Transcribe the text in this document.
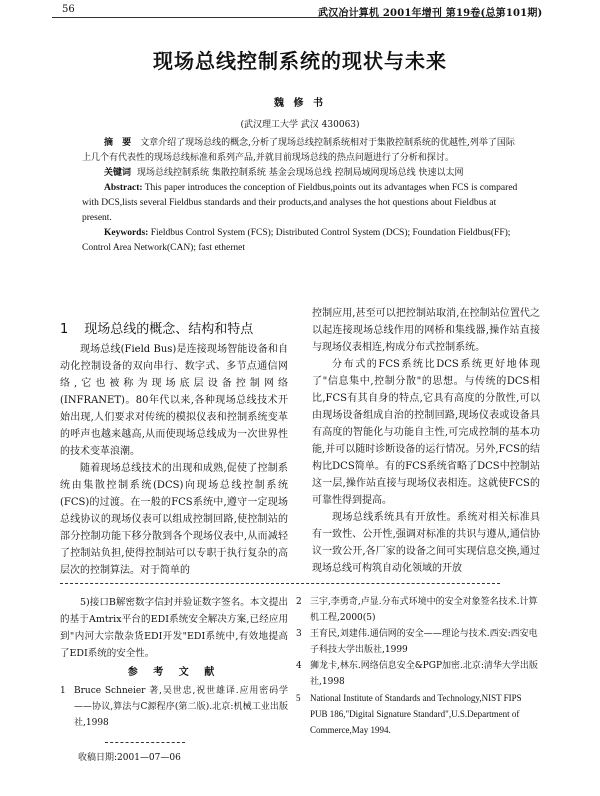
56	武汉冶计算机 2001年增刊 第19卷(总第101期)
现场总线控制系统的现状与未来
魏 修 书
(武汉理工大学 武汉 430063)

摘 要 文章介绍了现场总线的概念,分析了现场总线控制系统相对于集散控制系统的优越性,列举了国际上几个有代表性的现场总线标准和系列产品,并就目前现场总线的热点问题进行了分析和探讨。

关键词 现场总线控制系统 集散控制系统 基金会现场总线 控制局域网现场总线 快速以太网

Abstract: This paper introduces the conception of Fieldbus,points out its advantages when FCS is compared with DCS,lists several Fieldbus standards and their products,and analyses the hot questions about Fieldbus at present.

Keywords: Fieldbus Control System (FCS); Distributed Control System (DCS); Foundation Fieldbus(FF); Control Area Network(CAN); fast ethernet

1 现场总线的概念、结构和特点

现场总线(Field Bus)是连接现场智能设备和自动化控制设备的双向串行、数字式、多节点通信网络,它也被称为现场底层设备控制网络(INFRANET)。80年代以来,各种现场总线技术开始出现,人们要求对传统的模拟仪表和控制系统变革的呼声也越来越高,从而使现场总线成为一次世界性的技术变革浪潮。

随着现场总线技术的出现和成熟,促使了控制系统由集散控制系统(DCS)向现场总线控制系统(FCS)的过渡。在一般的FCS系统中,遵守一定现场总线协议的现场仪表可以组成控制回路,使控制站的部分控制功能下移分散到各个现场仪表中,从而减轻了控制站负担,使得控制站可以专职于执行复杂的高层次的控制算法。对于简单的

控制应用,甚至可以把控制站取消,在控制站位置代之以起连接现场总线作用的网桥和集线器,操作站直接与现场仪表相连,构成分布式控制系统。

分布式的FCS系统比DCS系统更好地体现了"信息集中,控制分散"的思想。与传统的DCS相比,FCS有其自身的特点,它具有高度的分散性,可以由现场设备组成自治的控制回路,现场仪表或设备具有高度的智能化与功能自主性,可完成控制的基本功能,并可以随时诊断设备的运行情况。另外,FCS的结构比DCS简单。有的FCS系统省略了DCS中控制站这一层,操作站直接与现场仪表相连。这就使FCS的可靠性得到提高。

现场总线系统具有开放性。系统对相关标准具有一致性、公开性,强调对标准的共识与遵从,通信协议一致公开,各厂家的设备之间可实现信息交换,通过现场总线可构筑自动化领域的开放

5)接口B解密数字信封并验证数字签名。本文提出的基于Amtrix平台的EDI系统安全解决方案,已经应用到"内河大宗散杂货EDI开发"EDI系统中,有效地提高了EDI系统的安全性。

参 考 文 献
1 Bruce Schneier 著,吴世忠,祝世雄译.应用密码学——协议,算法与C源程序(第二版).北京:机械工业出版社,1998
2 三宇,李勇奇,卢显.分布式环境中的安全对象签名技术.计算机工程,2000(5)
3 王育民,刘建伟.通信网的安全——理论与技术.西安:西安电子科技大学出版社,1999
4 狮龙卡,林东.网络信息安全&PGP加密.北京:清华大学出版社,1998
5	National Institute of Standards and Technology,NIST FIPS PUB 186,"Digital Signature Standard",U.S.Department of Commerce,May 1994.
收稿日期:2001—07—06
